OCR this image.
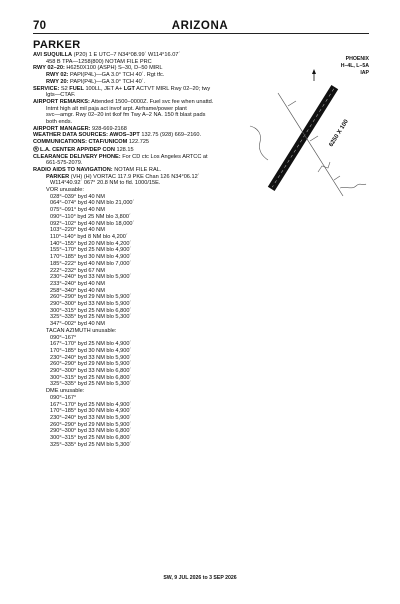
70	ARIZONA
PARKER
PHOENIX
H–4L, L–5A
IAP
AVI SUQUILLA (P20) 1 E UTC–7 N34°08.99´ W114°16.07´
458 B TPA—1258(800) NOTAM FILE PRC
RWY 02–20: H6250X100 (ASPH) S–30, D–50 MIRL
RWY 02: PAPI(P4L)—GA 3.0° TCH 40´. Rgt tfc.
RWY 20: PAPI(P4L)—GA 3.0° TCH 40´.
SERVICE: S2 FUEL 100LL, JET A+ LGT ACTVT MIRL Rwy 02–20; twy
lgts—CTAF.
AIRPORT REMARKS: Attended 1500–0000Z. Fuel svc fee when unattd.
Intmt high alt mil paja act invof arpt. Airframe/power plant
svc—amgr. Rwy 02–20 int tkof fm Twy A–2 NA. 150 ft blast pads
both ends.
AIRPORT MANAGER: 928-669-2168
WEATHER DATA SOURCES: AWOS–3PT 132.75 (928) 669–2160.
COMMUNICATIONS: CTAF/UNICOM 122.725
R L.A. CENTER APP/DEP CON 128.15
CLEARANCE DELIVERY PHONE: For CD ctc Los Angeles ARTCC at
661-575-2079.
RADIO AIDS TO NAVIGATION: NOTAM FILE RAL.
PARKER (VH) (H) VORTAC 117.9 PKE Chan 126 N34°06.12´
W114°40.92´ 067° 20.8 NM to fld. 1000/15E.
VOR unusable:
028°–039° byd 40 NM
064°–074° byd 40 NM blo 21,000´
075°–091° byd 40 NM
090°–110° byd 25 NM blo 3,800´
092°–102° byd 40 NM blo 18,000´
103°–220° byd 40 NM
110°–140° byd 8 NM blo 4,200´
140°–155° byd 20 NM blo 4,200´
155°–170° byd 25 NM blo 4,900´
170°–185° byd 30 NM blo 4,900´
185°–222° byd 40 NM blo 7,000´
222°–232° byd 67 NM
230°–240° byd 33 NM blo 5,900´
233°–240° byd 40 NM
258°–340° byd 40 NM
260°–290° byd 29 NM blo 5,900´
290°–300° byd 33 NM blo 5,900´
300°–315° byd 25 NM blo 6,800´
325°–335° byd 25 NM blo 5,300´
347°–002° byd 40 NM
TACAN AZIMUTH unusable:
090°–167°
167°–170° byd 25 NM blo 4,900´
170°–185° byd 30 NM blo 4,900´
230°–240° byd 33 NM blo 5,900´
260°–290° byd 29 NM blo 5,900´
290°–300° byd 33 NM blo 6,800´
300°–315° byd 25 NM blo 6,800´
325°–335° byd 25 NM blo 5,300´
DME unusable:
090°–167°
167°–170° byd 25 NM blo 4,900´
170°–185° byd 30 NM blo 4,900´
230°–240° byd 33 NM blo 5,900´
260°–290° byd 29 NM blo 5,900´
290°–300° byd 33 NM blo 6,800´
300°–315° byd 25 NM blo 6,800´
325°–335° byd 25 NM blo 5,300´
6250 X 100
SW, 9 JUL 2026 to 3 SEP 2026
